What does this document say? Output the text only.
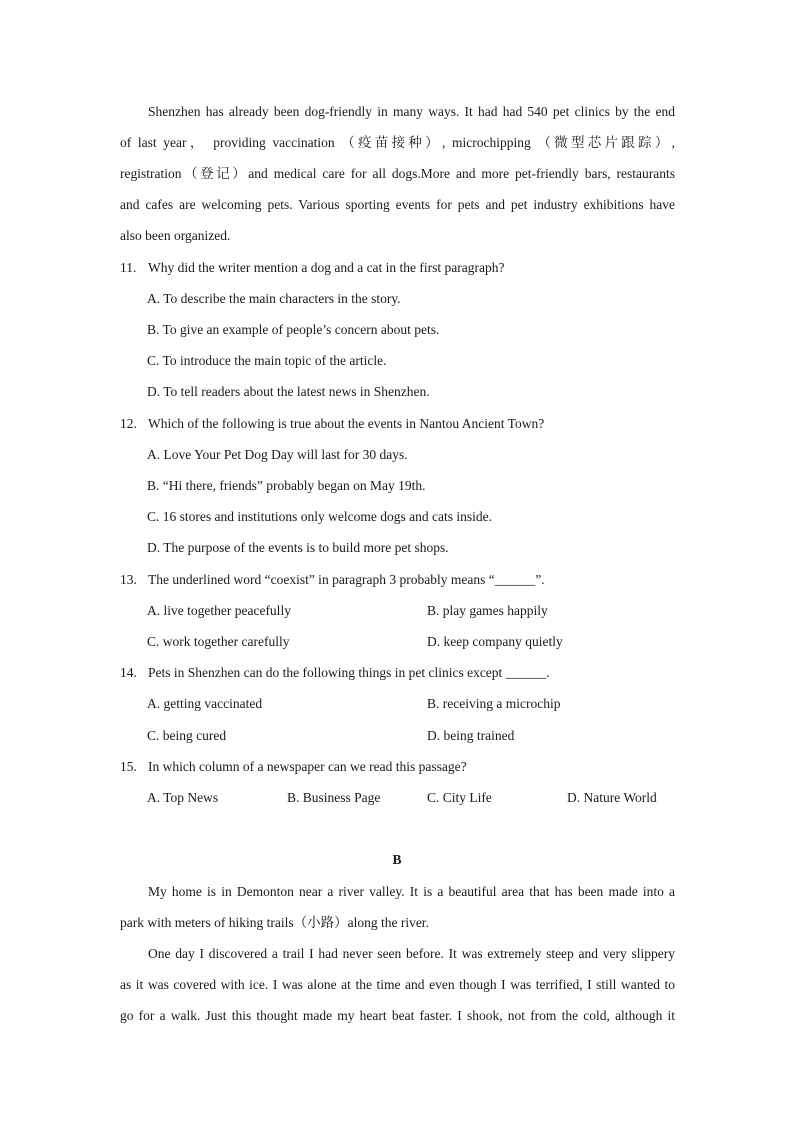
Shenzhen has already been dog-friendly in many ways. It had had 540 pet clinics by the end
of last year， providing vaccination （疫苗接种）, microchipping （微型芯片跟踪）,
registration（登记）and medical care for all dogs.More and more pet-friendly bars, restaurants
and cafes are welcoming pets. Various sporting events for pets and pet industry exhibitions have
also been organized.

11. Why did the writer mention a dog and a cat in the first paragraph?

A. To describe the main characters in the story.

B. To give an example of people’s concern about pets.

C. To introduce the main topic of the article.

D. To tell readers about the latest news in Shenzhen.

12. Which of the following is true about the events in Nantou Ancient Town?

A. Love Your Pet Dog Day will last for 30 days.

B. “Hi there, friends” probably began on May 19th.

C. 16 stores and institutions only welcome dogs and cats inside.

D. The purpose of the events is to build more pet shops.

13. The underlined word “coexist” in paragraph 3 probably means “______”.

A. live together peacefully	B. play games happily

C. work together carefully	D. keep company quietly

14. Pets in Shenzhen can do the following things in pet clinics except ______.

A. getting vaccinated	B. receiving a microchip

C. being cured	D. being trained

15. In which column of a newspaper can we read this passage?

A. Top News	B. Business Page	C. City Life	D. Nature World

B

My home is in Demonton near a river valley. It is a beautiful area that has been made into a
park with meters of hiking trails（小路）along the river.
One day I discovered a trail I had never seen before. It was extremely steep and very slippery
as it was covered with ice. I was alone at the time and even though I was terrified, I still wanted to
go for a walk. Just this thought made my heart beat faster. I shook, not from the cold, although it
